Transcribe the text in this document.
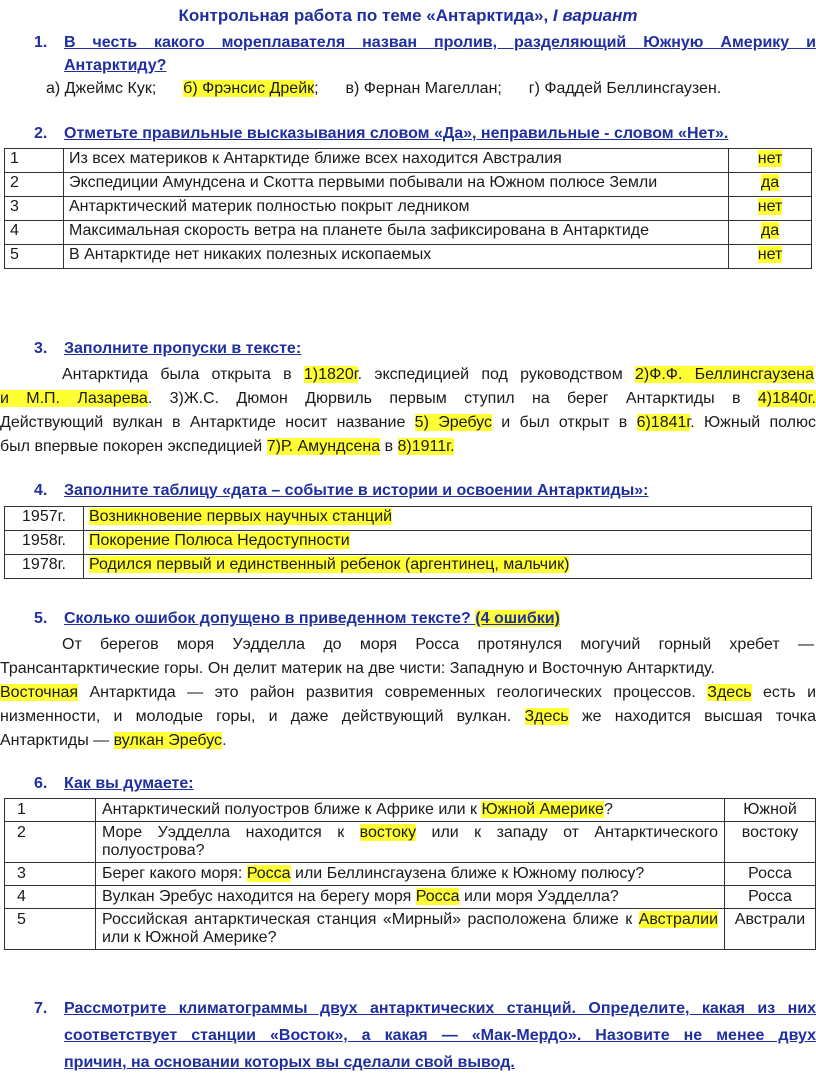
Контрольная работа по теме «Антарктида», I вариант
1. В честь какого мореплавателя назван пролив, разделяющий Южную Америку и
Антарктиду?
а) Джеймс Кук; б) Фрэнсис Дрейк; в) Фернан Магеллан; г) Фаддей Беллинсгаузен.
2. Отметьте правильные высказывания словом «Да», неправильные - словом «Нет».
1	Из всех материков к Антарктиде ближе всех находится Австралия	нет
2	Экспедиции Амундсена и Скотта первыми побывали на Южном полюсе Земли	да
3	Антарктический материк полностью покрыт ледником	нет
4	Максимальная скорость ветра на планете была зафиксирована в Антарктиде	да
5	В Антарктиде нет никаких полезных ископаемых	нет
3. Заполните пропуски в тексте:
Антарктида была открыта в 1)1820г. экспедицией под руководством 2)Ф.Ф. Беллинсгаузена
и М.П. Лазарева. 3)Ж.С. Дюмон Дюрвиль первым ступил на берег Антарктиды в 4)1840г.
Действующий вулкан в Антарктиде носит название 5) Эребус и был открыт в 6)1841г. Южный полюс
был впервые покорен экспедицией 7)Р. Амундсена в 8)1911г.
4. Заполните таблицу «дата – событие в истории и освоении Антарктиды»:
1957г.	Возникновение первых научных станций
1958г.	Покорение Полюса Недоступности
1978г.	Родился первый и единственный ребенок (аргентинец, мальчик)
5. Сколько ошибок допущено в приведенном тексте? (4 ошибки)
От берегов моря Уэдделла до моря Росса протянулся могучий горный хребет —
Трансантарктические горы. Он делит материк на две чисти: Западную и Восточную Антарктиду.
Восточная Антарктида — это район развития современных геологических процессов. Здесь есть и
низменности, и молодые горы, и даже действующий вулкан. Здесь же находится высшая точка
Антарктиды — вулкан Эребус.
6. Как вы думаете:
1	Антарктический полуостров ближе к Африке или к Южной Америке?	Южной
2	Море Уэдделла находится к востоку или к западу от Антарктического полуострова?	востоку
3	Берег какого моря: Росса или Беллинсгаузена ближе к Южному полюсу?	Росса
4	Вулкан Эребус находится на берегу моря Росса или моря Уэдделла?	Росса
5	Российская антарктическая станция «Мирный» расположена ближе к Австралии или к Южной Америке?	Австрали
7. Рассмотрите климатограммы двух антарктических станций. Определите, какая из них
соответствует станции «Восток», а какая — «Мак-Мердо». Назовите не менее двух
причин, на основании которых вы сделали свой вывод.
